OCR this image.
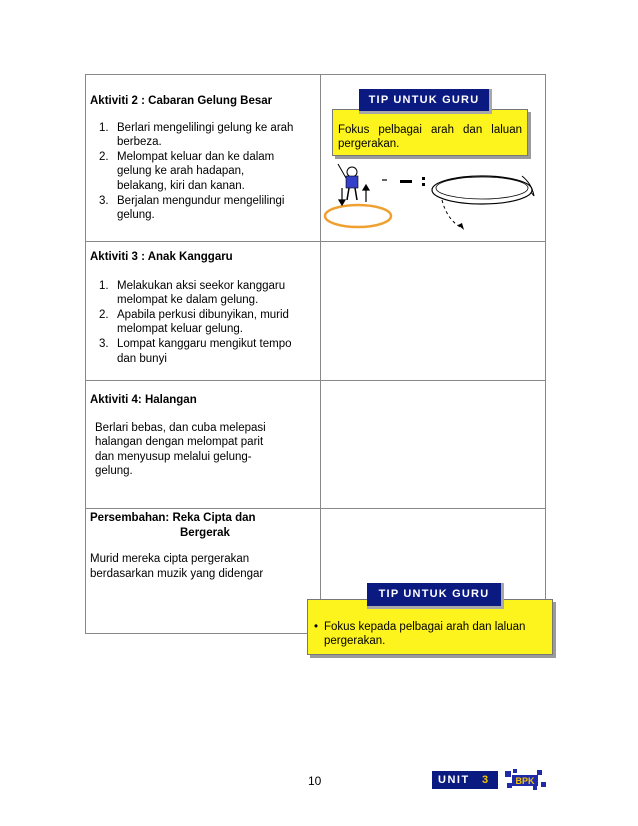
Aktiviti 2 : Cabaran Gelung Besar
1. Berlari mengelilingi gelung ke arah
berbeza.
2. Melompat keluar dan ke dalam
gelung ke arah hadapan,
belakang, kiri dan kanan.
3. Berjalan mengundur mengelilingi
gelung.
Aktiviti 3 : Anak Kanggaru
1. Melakukan aksi seekor kanggaru
melompat ke dalam gelung.
2. Apabila perkusi dibunyikan, murid
melompat keluar gelung.
3. Lompat kanggaru mengikut tempo
dan bunyi
Aktiviti 4: Halangan
Berlari bebas, dan cuba melepasi
halangan dengan melompat parit
dan menyusup melalui gelung-
gelung.
Persembahan: Reka Cipta dan
Bergerak
Murid mereka cipta pergerakan
berdasarkan muzik yang didengar
Fokus pelbagai arah dan laluan
pergerakan.
TIP UNTUK GURU
• Fokus kepada pelbagai arah dan laluan
pergerakan.
TIP UNTUK GURU
10	UNIT 3	BPK
